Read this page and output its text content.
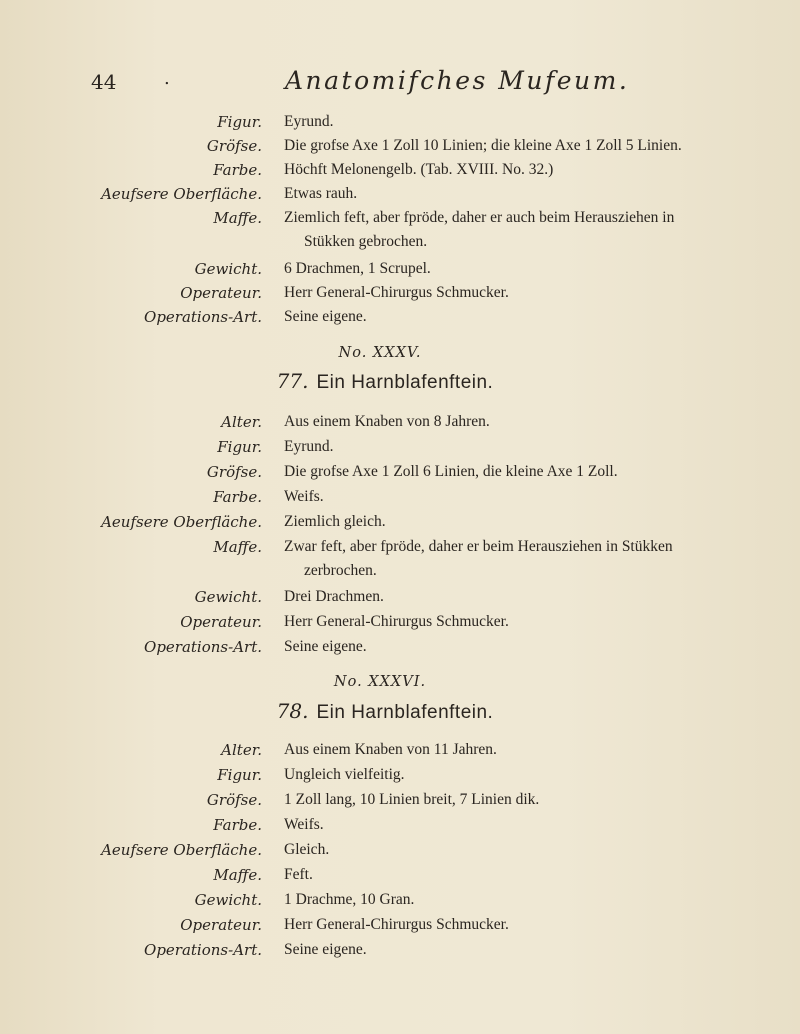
44	.	Anatomifches Mufeum.
Figur. Eyrund.
Gröfse. Die grofse Axe 1 Zoll 10 Linien; die kleine Axe 1 Zoll 5 Linien.
Farbe. Höchft Melonengelb. (Tab. XVIII. No. 32.)
Aeufsere Oberfläche. Etwas rauh.
Maffe. Ziemlich feft, aber fpröde, daher er auch beim Herausziehen in
Stükken gebrochen.
Gewicht. 6 Drachmen, 1 Scrupel.
Operateur. Herr General-Chirurgus Schmucker.
Operations-Art. Seine eigene.
No. XXXV.
77. Ein Harnblafenftein.
Alter. Aus einem Knaben von 8 Jahren.
Figur. Eyrund.
Gröfse. Die grofse Axe 1 Zoll 6 Linien, die kleine Axe 1 Zoll.
Farbe. Weifs.
Aeufsere Oberfläche. Ziemlich gleich.
Maffe. Zwar feft, aber fpröde, daher er beim Herausziehen in Stükken
zerbrochen.
Gewicht. Drei Drachmen.
Operateur. Herr General-Chirurgus Schmucker.
Operations-Art. Seine eigene.
No. XXXVI.
78. Ein Harnblafenftein.
Alter. Aus einem Knaben von 11 Jahren.
Figur. Ungleich vielfeitig.
Gröfse. 1 Zoll lang, 10 Linien breit, 7 Linien dik.
Farbe. Weifs.
Aeufsere Oberfläche. Gleich.
Maffe. Feft.
Gewicht. 1 Drachme, 10 Gran.
Operateur. Herr General-Chirurgus Schmucker.
Operations-Art. Seine eigene.
